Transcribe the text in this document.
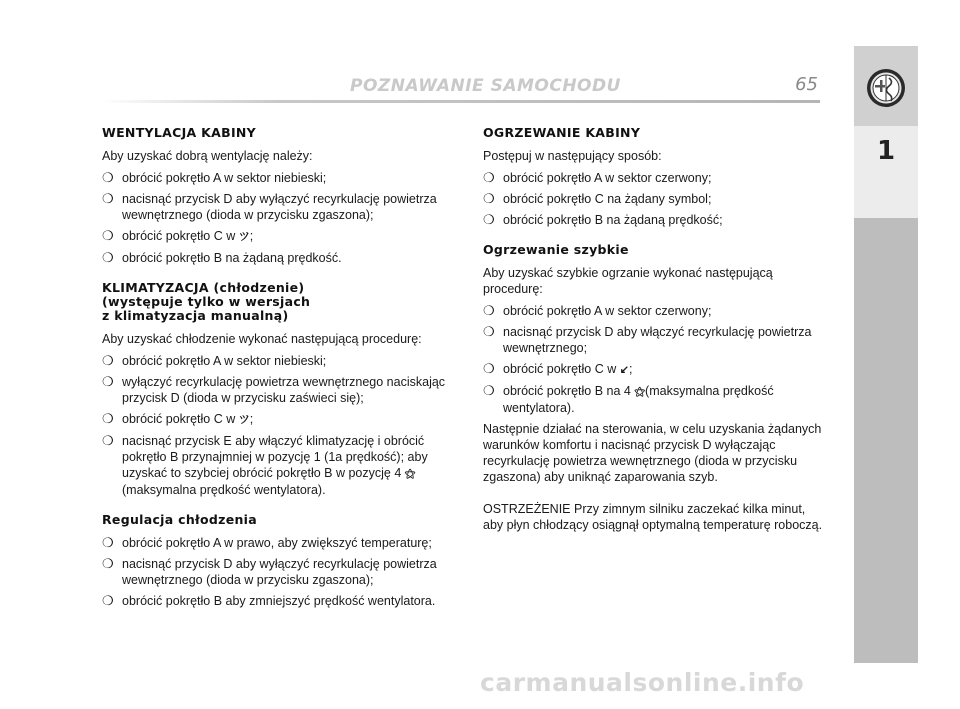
POZNAWANIE SAMOCHODU	65
1
WENTYLACJA KABINY

Aby uzyskać dobrą wentylację należy:

❍ obrócić pokrętło A w sektor niebieski;
❍ nacisnąć przycisk D aby wyłączyć recyrkulację powietrza wewnętrznego (dioda w przycisku zgaszona);
❍ obrócić pokrętło C w ツ;
❍ obrócić pokrętło B na żądaną prędkość.
KLIMATYZACJA (chłodzenie)
(występuje tylko w wersjach
z klimatyzacja manualną)

Aby uzyskać chłodzenie wykonać następującą procedurę:

❍ obrócić pokrętło A w sektor niebieski;
❍ wyłączyć recyrkulację powietrza wewnętrznego naciskając przycisk D (dioda w przycisku zaświeci się);
❍ obrócić pokrętło C w ツ;
❍ nacisnąć przycisk E aby włączyć klimatyzację i obrócić pokrętło B przynajmniej w pozycję 1 (1a prędkość); aby uzyskać to szybciej obrócić pokrętło B w pozycję 4 ⚝ (maksymalna prędkość wentylatora).
Regulacja chłodzenia
❍ obrócić pokrętło A w prawo, aby zwiększyć temperaturę;
❍ nacisnąć przycisk D aby wyłączyć recyrkulację powietrza wewnętrznego (dioda w przycisku zgaszona);
❍ obrócić pokrętło B aby zmniejszyć prędkość wentylatora.
OGRZEWANIE KABINY

Postępuj w następujący sposób:

❍ obrócić pokrętło A w sektor czerwony;
❍ obrócić pokrętło C na żądany symbol;
❍ obrócić pokrętło B na żądaną prędkość;
Ogrzewanie szybkie

Aby uzyskać szybkie ogrzanie wykonać następującą procedurę:

❍ obrócić pokrętło A w sektor czerwony;
❍ nacisnąć przycisk D aby włączyć recyrkulację powietrza wewnętrznego;
❍ obrócić pokrętło C w ↙;
❍ obrócić pokrętło B na 4 ⚝(maksymalna prędkość wentylatora).

Następnie działać na sterowania, w celu uzyskania żądanych warunków komfortu i nacisnąć przycisk D wyłączając recyrkulację powietrza wewnętrznego (dioda w przycisku zgaszona) aby uniknąć zaparowania szyb.

OSTRZEŻENIE Przy zimnym silniku zaczekać kilka minut, aby płyn chłodzący osiągnął optymalną temperaturę roboczą.

carmanualsonline.info
